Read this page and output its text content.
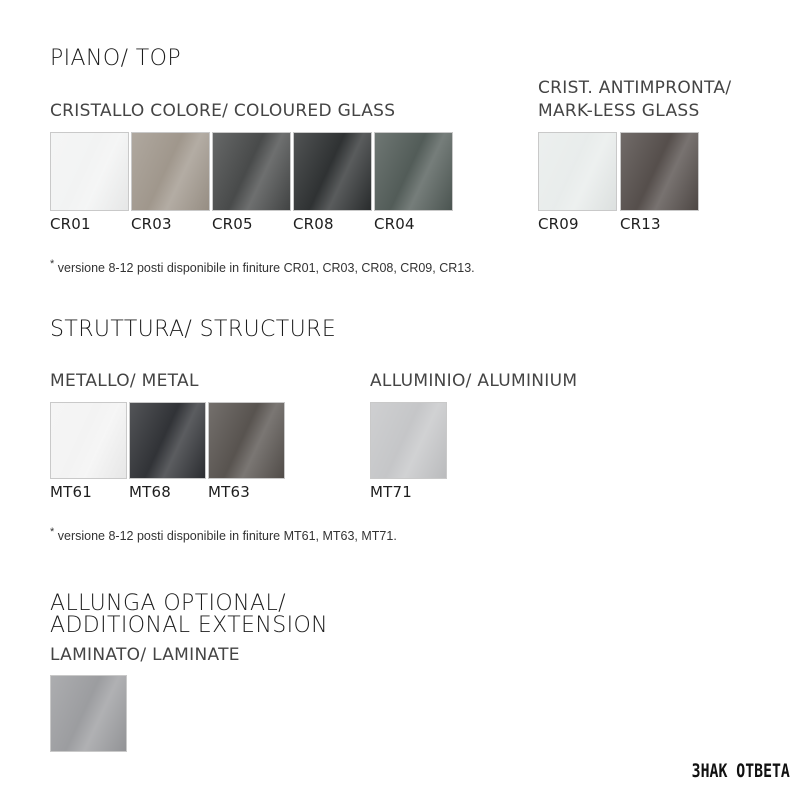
PIANO/ TOP
CRISTALLO COLORE/ COLOURED GLASS
CR01	CR03	CR05	CR08	CR04
CRIST. ANTIMPRONTA/
MARK-LESS GLASS
CR09	CR13
* versione 8-12 posti disponibile in finiture CR01, CR03, CR08, CR09, CR13.
STRUTTURA/ STRUCTURE
METALLO/ METAL
MT61 MT68 MT63
ALLUMINIO/ ALUMINIUM
MT71
* versione 8-12 posti disponibile in finiture MT61, MT63, MT71.
ALLUNGA OPTIONAL/
ADDITIONAL EXTENSION
LAMINATO/ LAMINATE
ЗНАК ОТВЕТА
